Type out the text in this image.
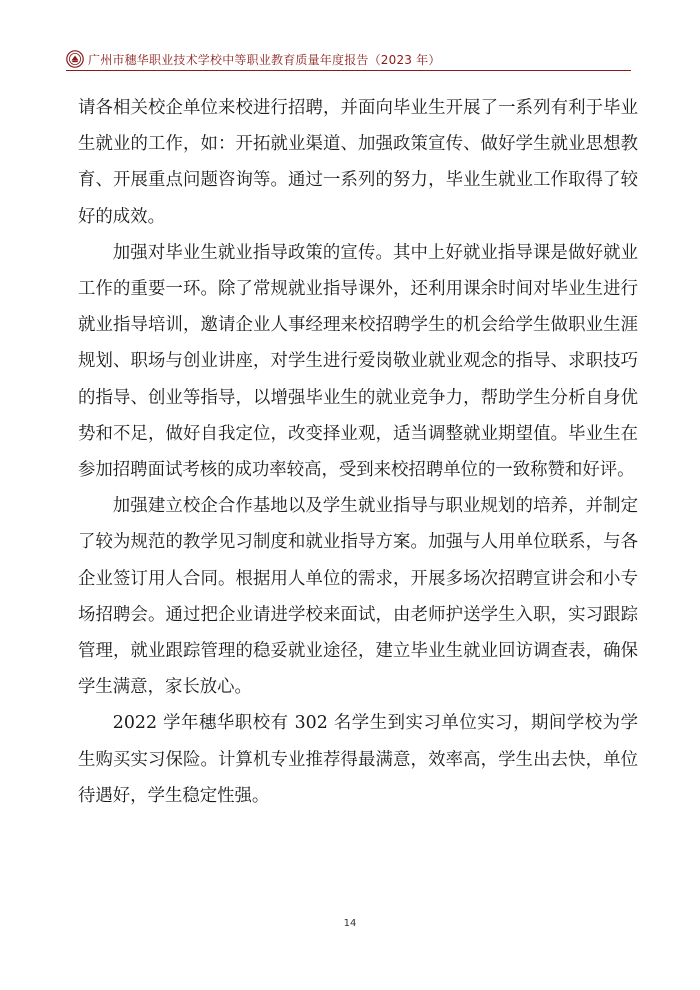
广州市穗华职业技术学校中等职业教育质量年度报告（2023 年）

请各相关校企单位来校进行招聘，并面向毕业生开展了一系列有利于毕业生就业的工作，如：开拓就业渠道、加强政策宣传、做好学生就业思想教育、开展重点问题咨询等。通过一系列的努力，毕业生就业工作取得了较好的成效。

加强对毕业生就业指导政策的宣传。其中上好就业指导课是做好就业工作的重要一环。除了常规就业指导课外，还利用课余时间对毕业生进行就业指导培训，邀请企业人事经理来校招聘学生的机会给学生做职业生涯规划、职场与创业讲座，对学生进行爱岗敬业就业观念的指导、求职技巧的指导、创业等指导，以增强毕业生的就业竞争力，帮助学生分析自身优势和不足，做好自我定位，改变择业观，适当调整就业期望值。毕业生在参加招聘面试考核的成功率较高，受到来校招聘单位的一致称赞和好评。

加强建立校企合作基地以及学生就业指导与职业规划的培养，并制定了较为规范的教学见习制度和就业指导方案。加强与人用单位联系，与各企业签订用人合同。根据用人单位的需求，开展多场次招聘宣讲会和小专场招聘会。通过把企业请进学校来面试，由老师护送学生入职，实习跟踪管理，就业跟踪管理的稳妥就业途径，建立毕业生就业回访调查表，确保学生满意，家长放心。

2022 学年穗华职校有 302 名学生到实习单位实习，期间学校为学生购买实习保险。计算机专业推荐得最满意，效率高，学生出去快，单位待遇好，学生稳定性强。

14
